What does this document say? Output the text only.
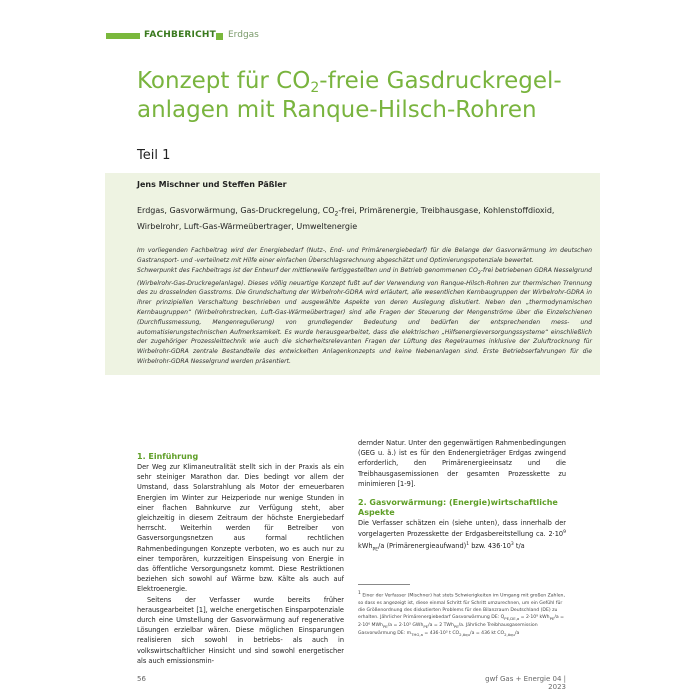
FACHBERICHT Erdgas
Konzept für $CO_2$-freie Gasdruckregel-
anlagen mit Ranque-Hilsch-Rohren
Teil 1
Jens Mischner und Steffen Päßler
Erdgas, Gasvorwärmung, Gas-Druckregelung, $CO_2$-frei, Primärenergie, Treibhausgase, Kohlenstoffdioxid,
Wirbelrohr, Luft-Gas-Wärmeübertrager, Umweltenergie

Im vorliegenden Fachbeitrag wird der Energiebedarf (Nutz-, End- und Primärenergiebedarf) für die Belange der Gasvorwärmung im deutschen Gastransport- und -verteilnetz mit Hilfe einer einfachen Überschlagsrechnung abgeschätzt und Optimierungspotenziale bewertet.

Schwerpunkt des Fachbeitrags ist der Entwurf der mittlerweile fertiggestellten und in Betrieb genommenen $CO_2$-frei betriebenen GDRA Nesselgrund (Wirbelrohr-Gas-Druckregelanlage). Dieses völlig neuartige Konzept fußt auf der Verwendung von Ranque-Hilsch-Rohren zur thermischen Trennung des zu drosselnden Gasstroms. Die Grundschaltung der Wirbelrohr-GDRA wird erläutert, alle wesentlichen Kernbaugruppen der Wirbelrohr-GDRA in ihrer prinzipiellen Verschaltung beschrieben und ausgewählte Aspekte von deren Auslegung diskutiert. Neben den „thermodynamischen Kernbaugruppen“ (Wirbelrohrstrecken, Luft-Gas-Wärmeübertrager) sind alle Fragen der Steuerung der Mengenströme über die Einzelschienen (Durchflussmessung, Mengenregulierung) von grundlegender Bedeutung und bedürfen der entsprechenden mess- und automatisierungstechnischen Aufmerksamkeit. Es wurde herausgearbeitet, dass die elektrischen „Hilfsenergieversorgungssysteme“ einschließlich der zugehöriger Prozessleittechnik wie auch die sicherheitsrelevanten Fragen der Lüftung des Regelraumes inklusive der Zuluftrocknung für Wirbelrohr-GDRA zentrale Bestandteile des entwickelten Anlagenkonzepts und keine Nebenanlagen sind. Erste Betriebserfahrungen für die Wirbelrohr-GDRA Nesselgrund werden präsentiert.

1. Einführung

Der Weg zur Klimaneutralität stellt sich in der Praxis als ein sehr steiniger Marathon dar. Dies bedingt vor allem der Umstand, dass Solarstrahlung als Motor der erneuerbaren Energien im Winter zur Heizperiode nur wenige Stunden in einer flachen Bahnkurve zur Verfügung steht, aber gleichzeitig in diesem Zeitraum der höchste Energiebedarf herrscht. Weiterhin werden für Betreiber von Gasversorgungsnetzen aus formal rechtlichen Rahmenbedingungen Konzepte verboten, wo es auch nur zu einer temporären, kurzzeitigen Einspeisung von Energie in das öffentliche Versorgungsnetz kommt. Diese Restriktionen beziehen sich sowohl auf Wärme bzw. Kälte als auch auf Elektroenergie.

Seitens der Verfasser wurde bereits früher herausgearbeitet [1], welche energetischen Einsparpotenziale durch eine Umstellung der Gasvorwärmung auf regenerative Lösungen erzielbar wären. Diese möglichen Einsparungen realisieren sich sowohl in betriebs- als auch in volkswirtschaftlicher Hinsicht und sind sowohl energetischer als auch emissionsmin-

dernder Natur. Unter den gegenwärtigen Rahmenbedingungen (GEG u. ä.) ist es für den Endenergieträger Erdgas zwingend erforderlich, den Primärenergieeinsatz und die Treibhausgasemissionen der gesamten Prozesskette zu minimieren [1-9].

2. Gasvorwärmung: (Energie)wirtschaftliche
Aspekte

Die Verfasser schätzen ein (siehe unten), dass innerhalb der vorgelagerten Prozesskette der Erdgasbereitstellung ca. $2\cdot 10^9$ kWh$_{PE}$/a (Primärenergieaufwand)$^1$ bzw. $436\cdot 10^3$ t/a

$^1$ Einer der Verfasser (Mischner) hat stets Schwierigkeiten im Umgang mit großen Zahlen, so dass es angezeigt ist, diese einmal Schritt für Schritt umzurechnen, um ein Gefühl für die Größenordnung des diskutierten Problems für den Bilanzraum Deutschland (DE) zu erhalten. Jährlicher Primärenergiebedarf Gasvorwärmung DE: $Q_{PE,DE,a} = 2\cdot 10^9$ kWh$_{PE}$/a = 2·10⁶ MWh$_{PE}$/a = 2·10³ GWh$_{PE}$/a = 2 TWh$_{PE}$/a. Jährliche Treibhausgasemission Gasvorwärmung DE: $m_{THG,a} = 436\cdot 10^3$ t $CO_{2,äqu}/a = 436$ kt $CO_{2,äqu}/a$

56	gwf Gas + Energie 04 | 2023
